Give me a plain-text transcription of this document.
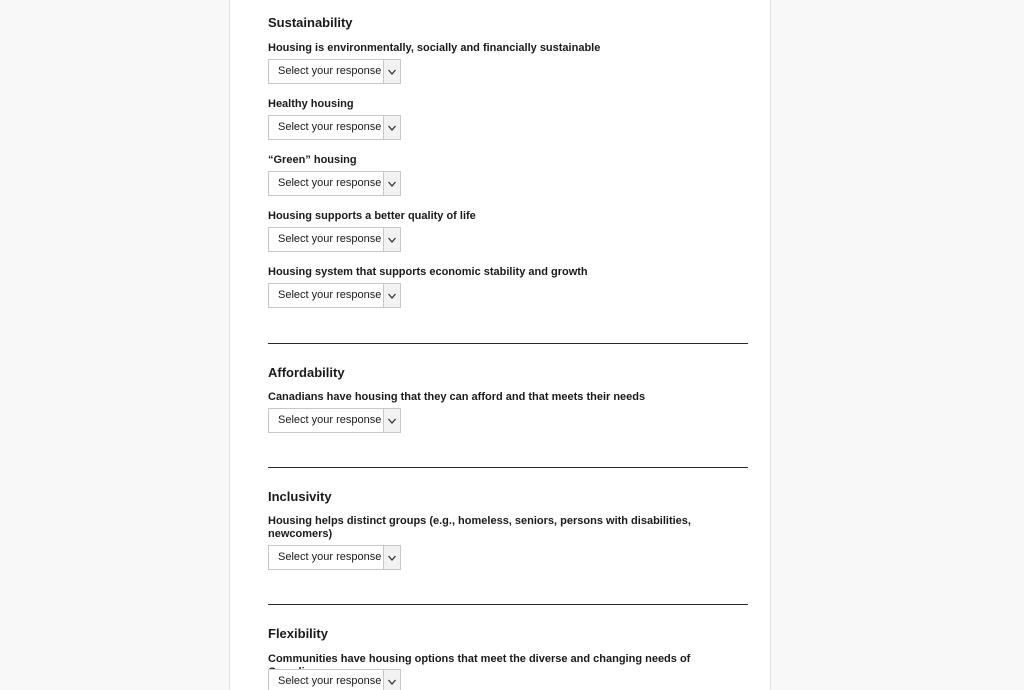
Sustainability
Housing is environmentally, socially and financially sustainable
Select your response
Healthy housing
Select your response
“Green” housing
Select your response
Housing supports a better quality of life
Select your response
Housing system that supports economic stability and growth
Select your response
Affordability
Canadians have housing that they can afford and that meets their needs
Select your response
Inclusivity
Housing helps distinct groups (e.g., homeless, seniors, persons with disabilities, newcomers)
Select your response
Flexibility
Communities have housing options that meet the diverse and changing needs of
Select your response
